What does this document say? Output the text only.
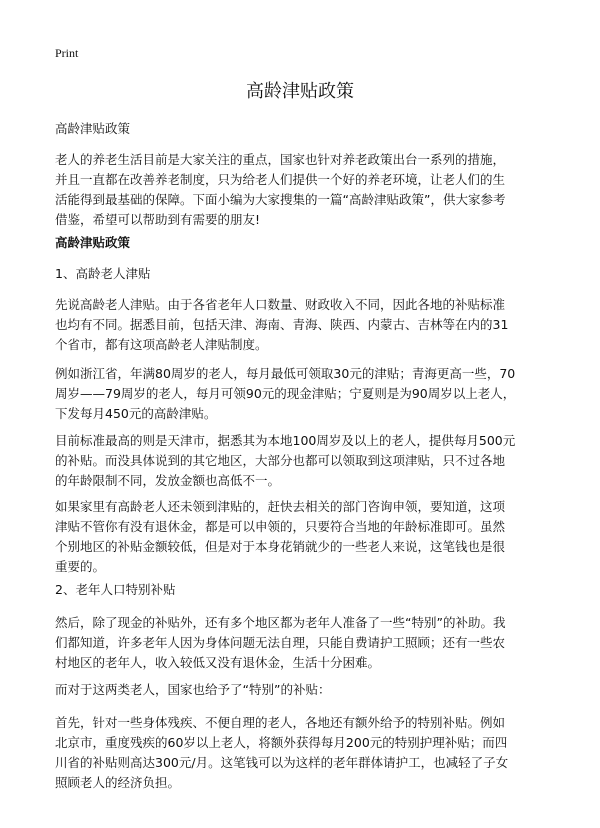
Print
高龄津贴政策

高龄津贴政策

老人的养老生活目前是大家关注的重点，国家也针对养老政策出台一系列的措施，
并且一直都在改善养老制度，只为给老人们提供一个好的养老环境，让老人们的生
活能得到最基础的保障。下面小编为大家搜集的一篇“高龄津贴政策”，供大家参考
借鉴，希望可以帮助到有需要的朋友!

高龄津贴政策

1、高龄老人津贴

先说高龄老人津贴。由于各省老年人口数量、财政收入不同，因此各地的补贴标准
也均有不同。据悉目前，包括天津、海南、青海、陕西、内蒙古、吉林等在内的31
个省市，都有这项高龄老人津贴制度。

例如浙江省，年满80周岁的老人，每月最低可领取30元的津贴；青海更高一些，70
周岁——79周岁的老人，每月可领90元的现金津贴；宁夏则是为90周岁以上老人，
下发每月450元的高龄津贴。

目前标准最高的则是天津市，据悉其为本地100周岁及以上的老人，提供每月500元
的补贴。而没具体说到的其它地区，大部分也都可以领取到这项津贴，只不过各地
的年龄限制不同，发放金额也高低不一。

如果家里有高龄老人还未领到津贴的，赶快去相关的部门咨询申领，要知道，这项
津贴不管你有没有退休金，都是可以申领的，只要符合当地的年龄标准即可。虽然
个别地区的补贴金额较低，但是对于本身花销就少的一些老人来说，这笔钱也是很
重要的。

2、老年人口特别补贴

然后，除了现金的补贴外，还有多个地区都为老年人准备了一些“特别”的补助。我
们都知道，许多老年人因为身体问题无法自理，只能自费请护工照顾；还有一些农
村地区的老年人，收入较低又没有退休金，生活十分困难。

而对于这两类老人，国家也给予了“特别”的补贴：

首先，针对一些身体残疾、不便自理的老人，各地还有额外给予的特别补贴。例如
北京市，重度残疾的60岁以上老人，将额外获得每月200元的特别护理补贴；而四
川省的补贴则高达300元/月。这笔钱可以为这样的老年群体请护工，也减轻了子女
照顾老人的经济负担。
